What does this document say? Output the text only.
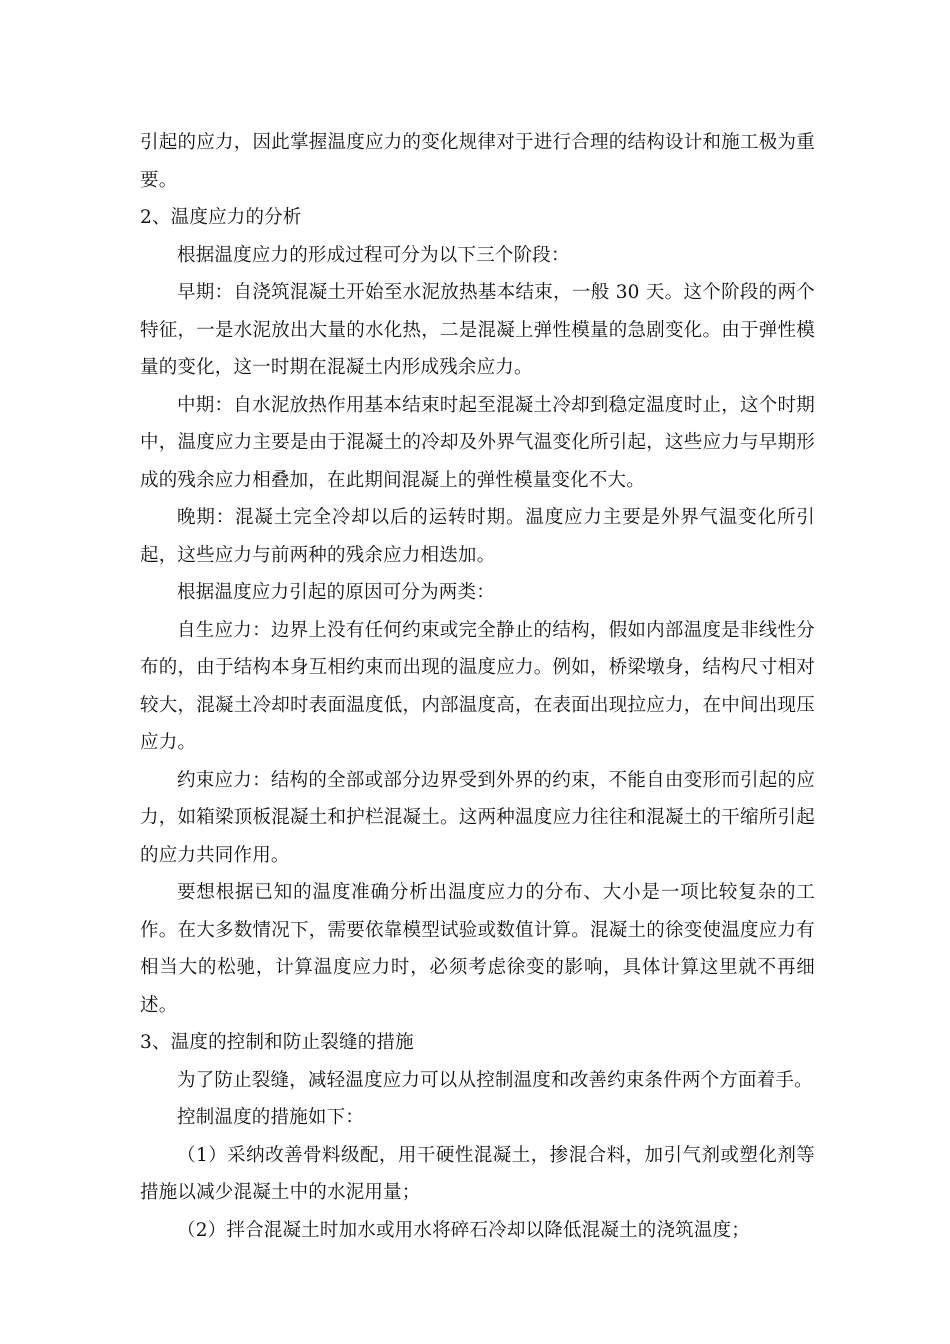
引起的应力，因此掌握温度应力的变化规律对于进行合理的结构设计和施工极为重要。

2、温度应力的分析

根据温度应力的形成过程可分为以下三个阶段：

早期：自浇筑混凝土开始至水泥放热基本结束，一般 30 天。这个阶段的两个特征，一是水泥放出大量的水化热，二是混凝上弹性模量的急剧变化。由于弹性模量的变化，这一时期在混凝土内形成残余应力。

中期：自水泥放热作用基本结束时起至混凝土冷却到稳定温度时止，这个时期中，温度应力主要是由于混凝土的冷却及外界气温变化所引起，这些应力与早期形成的残余应力相叠加，在此期间混凝上的弹性模量变化不大。

晚期：混凝土完全冷却以后的运转时期。温度应力主要是外界气温变化所引起，这些应力与前两种的残余应力相迭加。

根据温度应力引起的原因可分为两类：

自生应力：边界上没有任何约束或完全静止的结构，假如内部温度是非线性分布的，由于结构本身互相约束而出现的温度应力。例如，桥梁墩身，结构尺寸相对较大，混凝土冷却时表面温度低，内部温度高，在表面出现拉应力，在中间出现压应力。

约束应力：结构的全部或部分边界受到外界的约束，不能自由变形而引起的应力，如箱梁顶板混凝土和护栏混凝土。这两种温度应力往往和混凝土的干缩所引起的应力共同作用。

要想根据已知的温度准确分析出温度应力的分布、大小是一项比较复杂的工作。在大多数情况下，需要依靠模型试验或数值计算。混凝土的徐变使温度应力有相当大的松驰，计算温度应力时，必须考虑徐变的影响，具体计算这里就不再细述。

3、温度的控制和防止裂缝的措施

为了防止裂缝，减轻温度应力可以从控制温度和改善约束条件两个方面着手。

控制温度的措施如下：

（1）采纳改善骨料级配，用干硬性混凝土，掺混合料，加引气剂或塑化剂等措施以减少混凝土中的水泥用量；

（2）拌合混凝土时加水或用水将碎石冷却以降低混凝土的浇筑温度；
